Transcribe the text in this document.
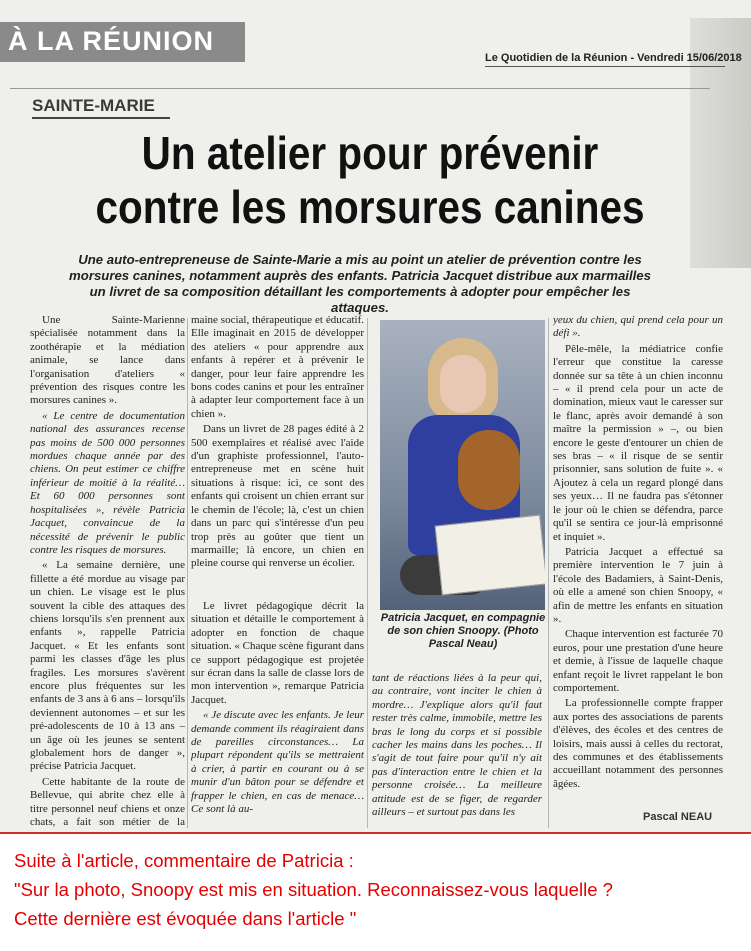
À LA RÉUNION
Le Quotidien de la Réunion - Vendredi 15/06/2018
SAINTE-MARIE
Un atelier pour prévenir
contre les morsures canines
Une auto-entrepreneuse de Sainte-Marie a mis au point un atelier de prévention contre les morsures canines, notamment auprès des enfants. Patricia Jacquet distribue aux marmailles un livret de sa composition détaillant les comportements à adopter pour empêcher les attaques.

Une Sainte-Marienne spécialisée notamment dans la zoothérapie et la médiation animale, se lance dans l'organisation d'ateliers « prévention des risques contre les morsures canines ».

« Le centre de documentation national des assurances recense pas moins de 500 000 personnes mordues chaque année par des chiens. On peut estimer ce chiffre inférieur de moitié à la réalité… Et 60 000 personnes sont hospitalisées », révèle Patricia Jacquet, convaincue de la nécessité de prévenir le public contre les risques de morsures.

« La semaine dernière, une fillette a été mordue au visage par un chien. Le visage est le plus souvent la cible des attaques des chiens lorsqu'ils s'en prennent aux enfants », rappelle Patricia Jacquet. « Et les enfants sont parmi les classes d'âge les plus fragiles. Les morsures s'avèrent encore plus fréquentes sur les enfants de 3 ans à 6 ans – lorsqu'ils deviennent autonomes – et sur les pré-adolescents de 10 à 13 ans – un âge où les jeunes se sentent globalement hors de danger », précise Patricia Jacquet.

Cette habitante de la route de Bellevue, qui abrite chez elle à titre personnel neuf chiens et onze chats, a fait son métier de la

maine social, thérapeutique et éducatif. Elle imaginait en 2015 de développer des ateliers « pour apprendre aux enfants à repérer et à prévenir le danger, pour leur faire apprendre les bons codes canins et pour les entraîner à adapter leur comportement face à un chien ».

Dans un livret de 28 pages édité à 2 500 exemplaires et réalisé avec l'aide d'un graphiste professionnel, l'auto-entrepreneuse met en scène huit situations à risque: ici, ce sont des enfants qui croisent un chien errant sur le chemin de l'école; là, c'est un chien dans un parc qui s'intéresse d'un peu trop près au goûter que tient un marmaille; là encore, un chien en pleine course qui renverse un écolier.

Le livret pédagogique décrit la situation et détaille le comportement à adopter en fonction de chaque situation. « Chaque scène figurant dans ce support pédagogique est projetée sur écran dans la salle de classe lors de mon intervention », remarque Patricia Jacquet.

« Je discute avec les enfants. Je leur demande comment ils réagiraient dans de pareilles circonstances… La plupart répondent qu'ils se mettraient à crier, à partir en courant ou à se munir d'un bâton pour se défendre et frapper le chien, en cas de menace… Ce sont là au-

Patricia Jacquet, en compagnie de son chien Snoopy. (Photo Pascal Neau)

tant de réactions liées à la peur qui, au contraire, vont inciter le chien à mordre… J'explique alors qu'il faut rester très calme, immobile, mettre les bras le long du corps et si possible cacher les mains dans les poches… Il s'agit de tout faire pour qu'il n'y ait pas d'interaction entre le chien et la personne croisée… La meilleure attitude est de se figer, de regarder ailleurs – et surtout pas dans les

yeux du chien, qui prend cela pour un défi ».

Pêle-mêle, la médiatrice confie l'erreur que constitue la caresse donnée sur sa tête à un chien inconnu – « il prend cela pour un acte de domination, mieux vaut le caresser sur le flanc, après avoir demandé à son maître la permission » –, ou bien encore le geste d'entourer un chien de ses bras – « il risque de se sentir prisonnier, sans solution de fuite ». « Ajoutez à cela un regard plongé dans ses yeux… Il ne faudra pas s'étonner le jour où le chien se défendra, parce qu'il se sentira ce jour-là emprisonné et inquiet ».

Patricia Jacquet a effectué sa première intervention le 7 juin à l'école des Badamiers, à Saint-Denis, où elle a amené son chien Snoopy, « afin de mettre les enfants en situation ».

Chaque intervention est facturée 70 euros, pour une prestation d'une heure et demie, à l'issue de laquelle chaque enfant reçoit le livret rappelant le bon comportement.

La professionnelle compte frapper aux portes des associations de parents d'élèves, des écoles et des centres de loisirs, mais aussi à celles du rectorat, des communes et des établissements accueillant notamment des personnes âgées.

Pascal NEAU
Suite à l'article, commentaire de Patricia :
"Sur la photo, Snoopy est mis en situation. Reconnaissez-vous laquelle ?
Cette dernière est évoquée dans l'article "
